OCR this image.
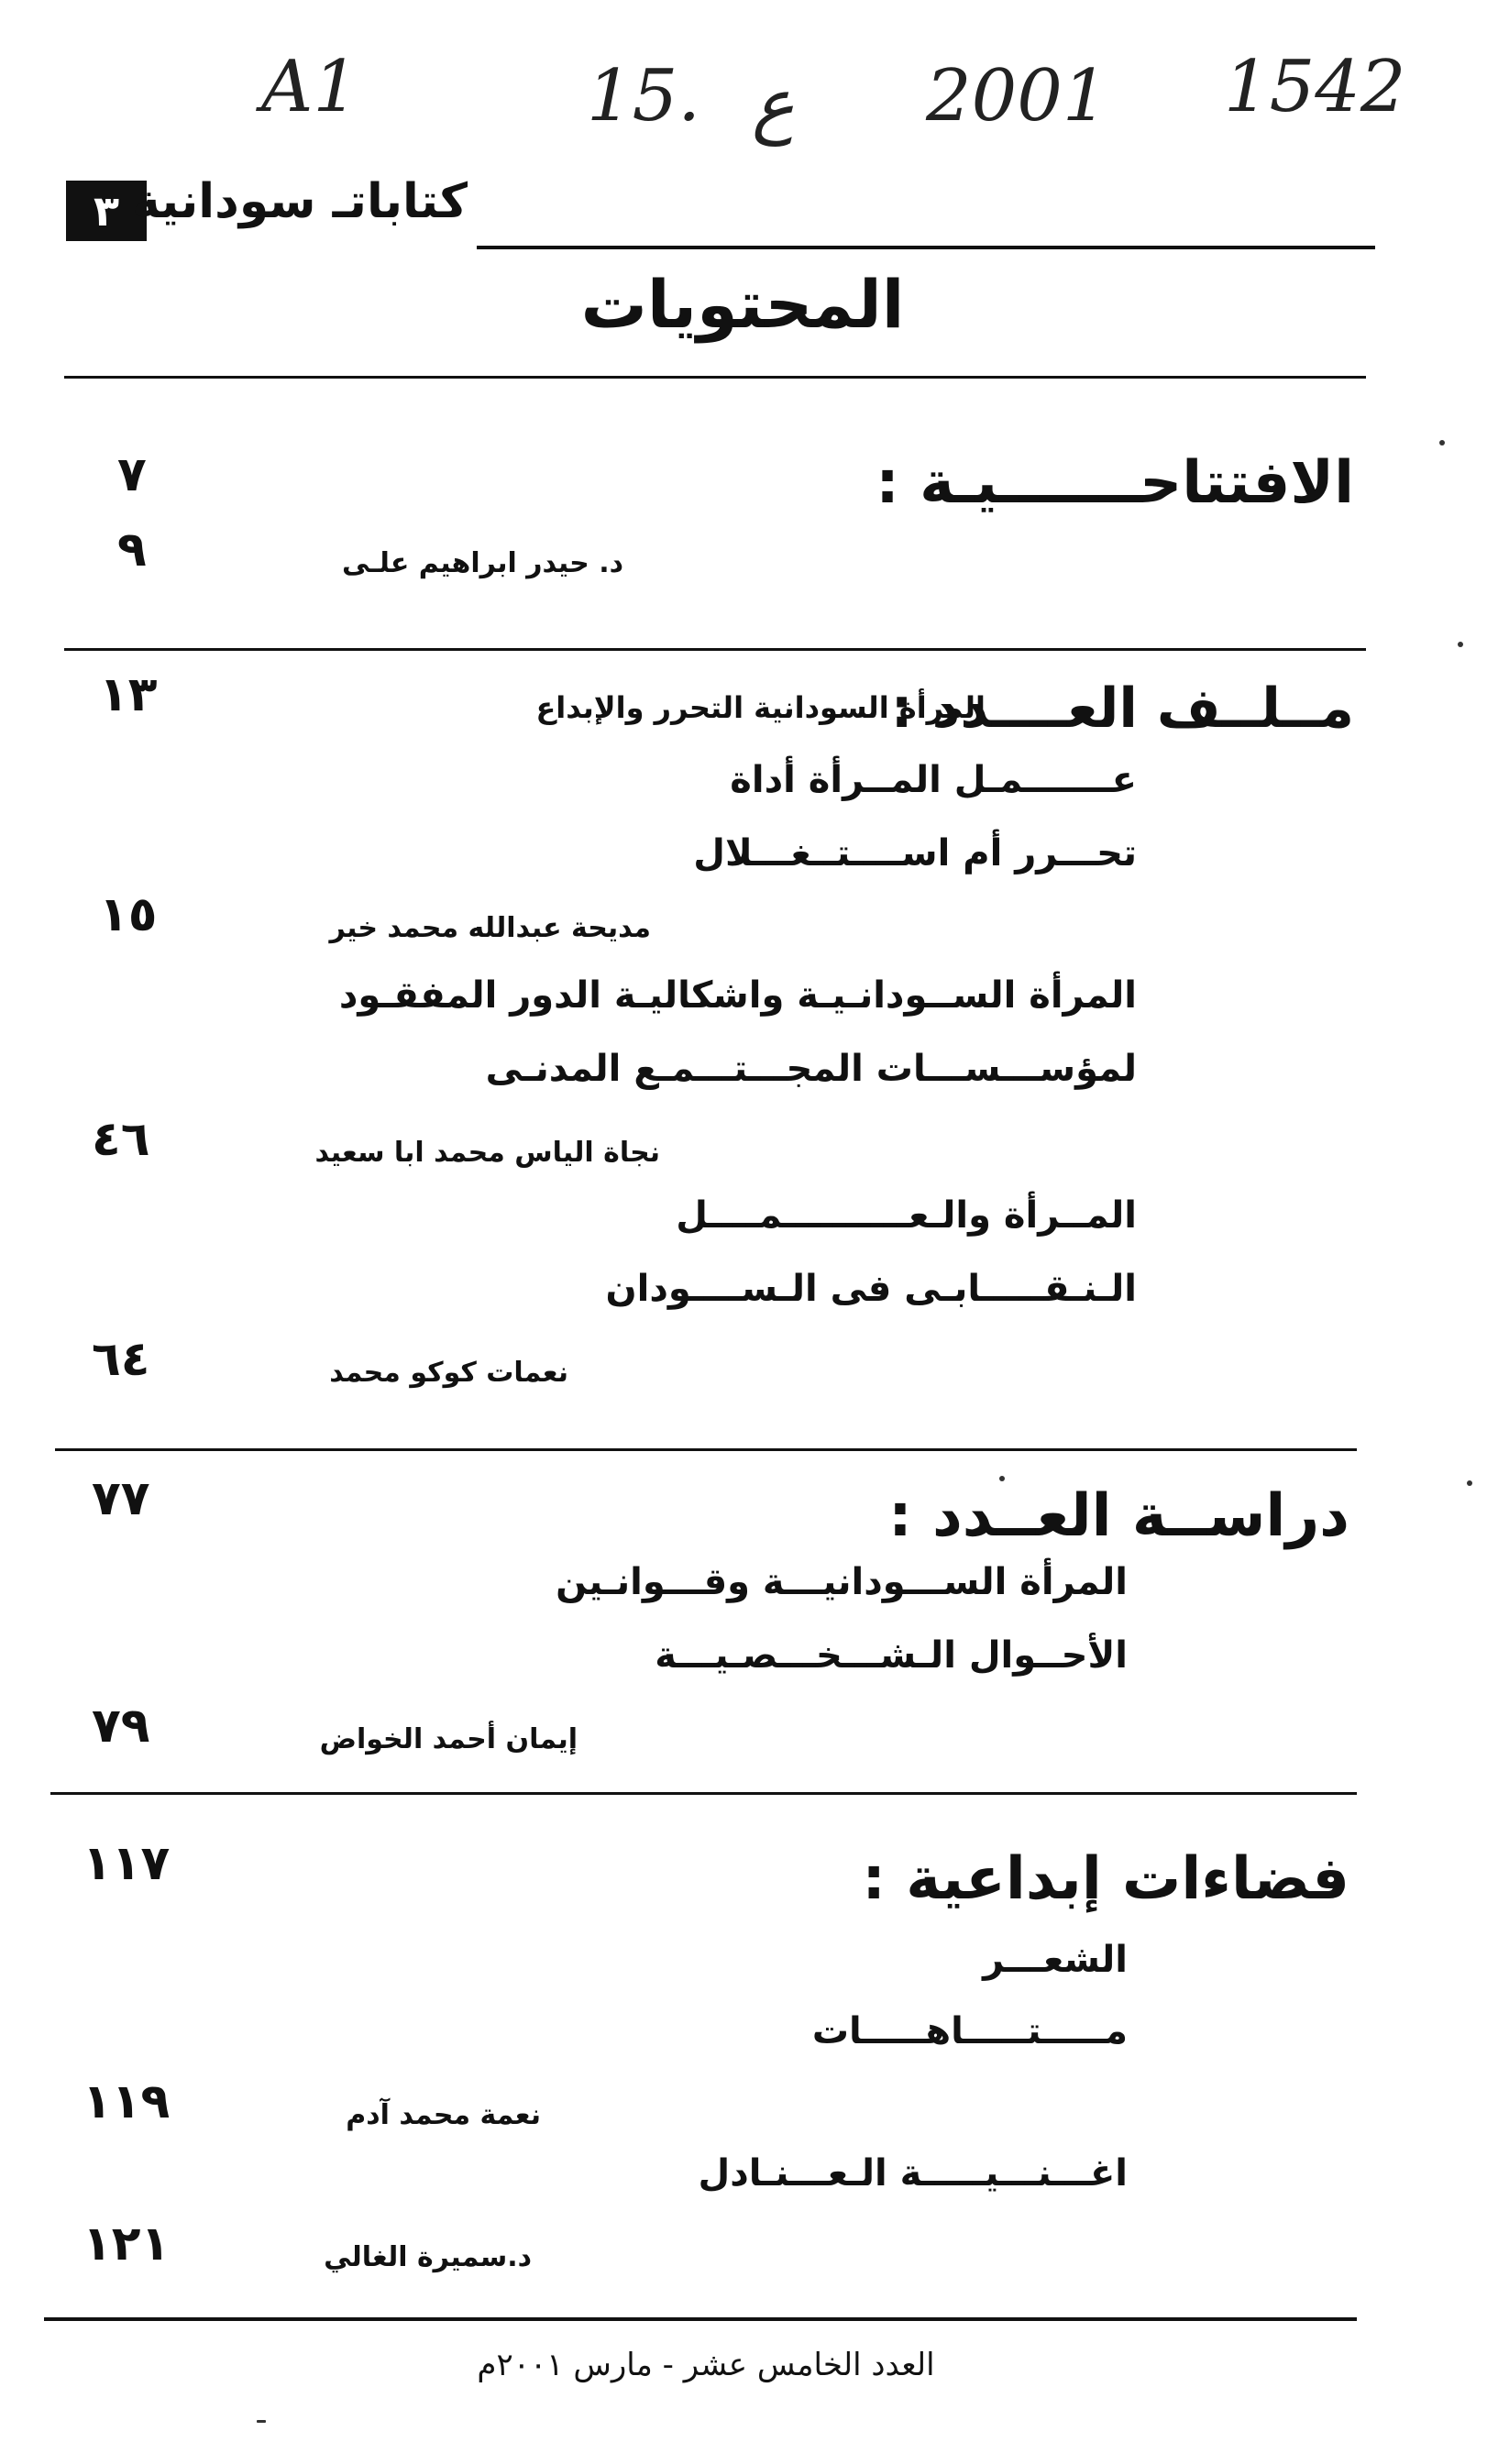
A1	15. ع 2001 1542
٣ كتاباتـ سودانية
المحتويات
٧	الافتتاحـــــــيـة :
٩	د. حيدر ابراهيم علـى
١٣	مــلــف العــــدد :
المرأة السودانية التحرر والإبداع
عـــــــمـل المــرأة أداة
تحـــرر أم اســــتــغـــلال
١٥	مديحة عبدالله محمد خير
المرأة الســودانـيـة واشكاليـة الدور المفقـود
لمؤســـســـات المجـــتـــمـع المدنـى
٤٦	نجاة الياس محمد ابا سعيد
المــرأة والـعــــــــــمــــل
الـنـقـــــابـى فى الـســــودان
٦٤	نعمات كوكو محمد
٧٧	دراســة العــدد :
المرأة الســـودانيـــة وقـــوانـين
الأحــوال الـشـــخـــصـيـــة
٧٩	إيمان أحمد الخواض
١١٧	فضاءات إبداعية :
الشعـــر
مـــــتـــــاهـــــات
١١٩	نعمة محمد آدم
اغـــنـــيـــــة الـعـــنـادل
١٢١	د.سميرة الغالي
العدد الخامس عشر - مارس ٢٠٠١م
